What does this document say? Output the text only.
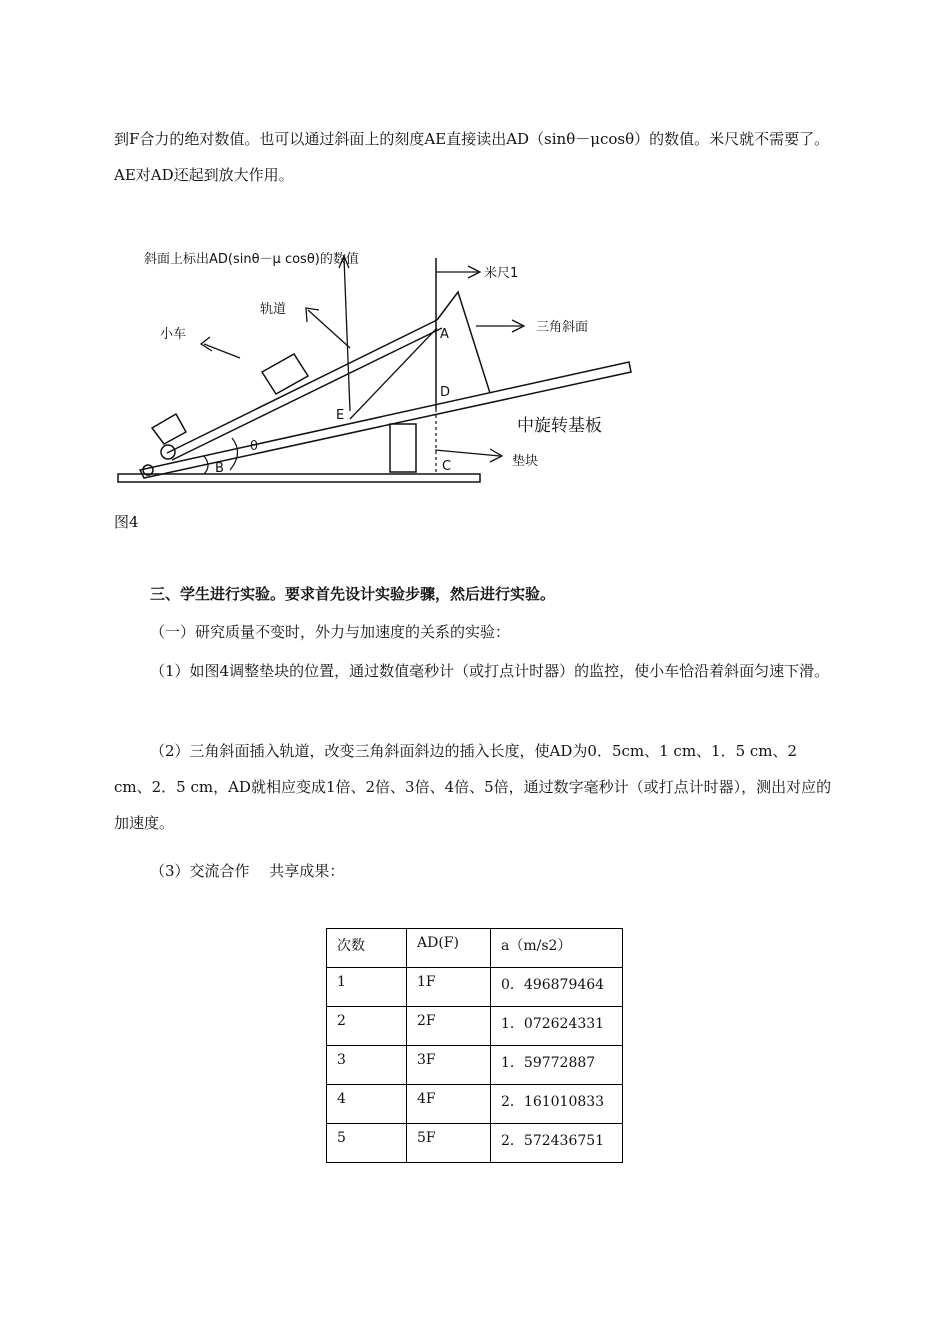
到F合力的绝对数值。也可以通过斜面上的刻度AE直接读出AD（sinθ－μcosθ）的数值。米尺就不需要了。AE对AD还起到放大作用。

斜面上标出AD(sinθ－μ cosθ)的数值
米尺1
轨道
小车	三角斜面
中旋转基板
垫块
A
D
E
C
B
θ

图4

三、学生进行实验。要求首先设计实验步骤，然后进行实验。

（一）研究质量不变时，外力与加速度的关系的实验：

（1）如图4调整垫块的位置，通过数值毫秒计（或打点计时器）的监控，使小车恰沿着斜面匀速下滑。

（2）三角斜面插入轨道，改变三角斜面斜边的插入长度，使AD为0．5cm、1 cm、1．5 cm、2 cm、2．5 cm，AD就相应变成1倍、2倍、3倍、4倍、5倍，通过数字毫秒计（或打点计时器），测出对应的加速度。

（3）交流合作　 共享成果：

次数	AD(F)	a（m/s2）
1	1F	0．496879464
2	2F	1．072624331
3	3F	1．59772887
4	4F	2．161010833
5	5F	2．572436751
